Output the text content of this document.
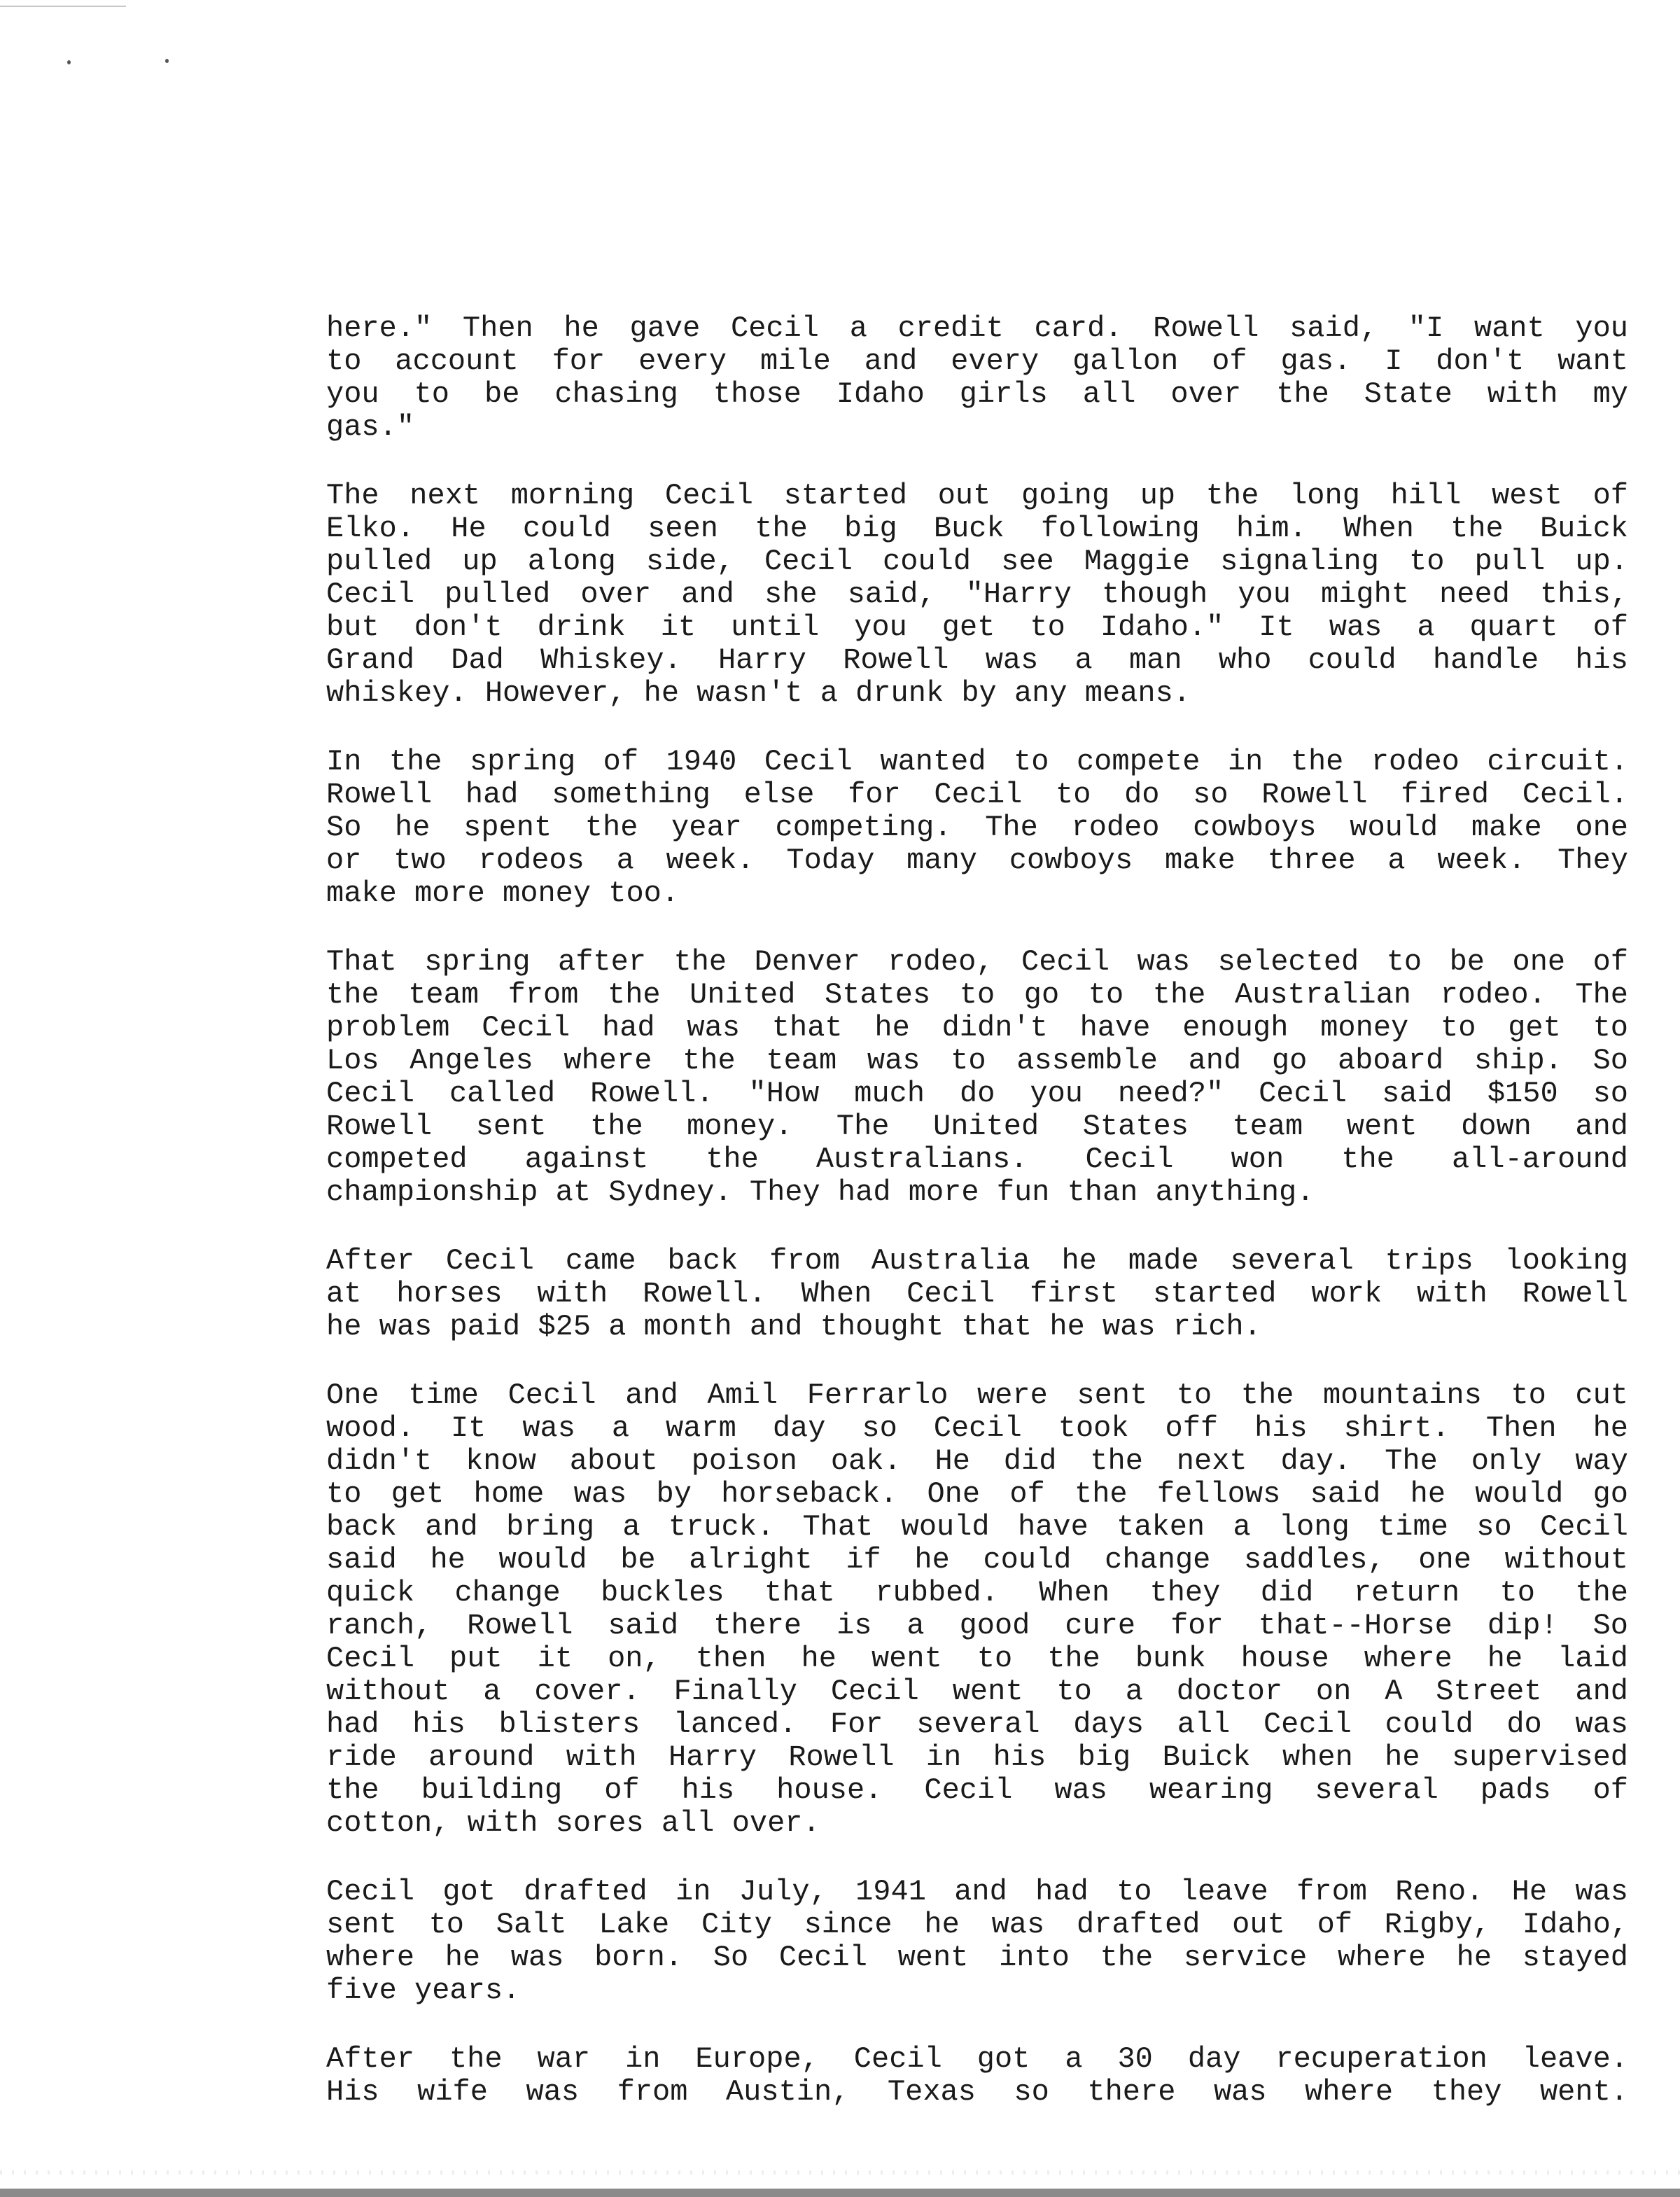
here." Then he gave Cecil a credit card. Rowell said, "I want you
to account for every mile and every gallon of gas. I don't want
you to be chasing those Idaho girls all over the State with my
gas."
The next morning Cecil started out going up the long hill west of
Elko. He could seen the big Buck following him. When the Buick
pulled up along side, Cecil could see Maggie signaling to pull up.
Cecil pulled over and she said, "Harry though you might need this,
but don't drink it until you get to Idaho." It was a quart of
Grand Dad Whiskey. Harry Rowell was a man who could handle his
whiskey. However, he wasn't a drunk by any means.
In the spring of 1940 Cecil wanted to compete in the rodeo circuit.
Rowell had something else for Cecil to do so Rowell fired Cecil.
So he spent the year competing. The rodeo cowboys would make one
or two rodeos a week. Today many cowboys make three a week. They
make more money too.
That spring after the Denver rodeo, Cecil was selected to be one of
the team from the United States to go to the Australian rodeo. The
problem Cecil had was that he didn't have enough money to get to
Los Angeles where the team was to assemble and go aboard ship. So
Cecil called Rowell. "How much do you need?" Cecil said $150 so
Rowell sent the money. The United States team went down and
competed against the Australians. Cecil won the all-around
championship at Sydney. They had more fun than anything.
After Cecil came back from Australia he made several trips looking
at horses with Rowell. When Cecil first started work with Rowell
he was paid $25 a month and thought that he was rich.
One time Cecil and Amil Ferrarlo were sent to the mountains to cut
wood. It was a warm day so Cecil took off his shirt. Then he
didn't know about poison oak. He did the next day. The only way
to get home was by horseback. One of the fellows said he would go
back and bring a truck. That would have taken a long time so Cecil
said he would be alright if he could change saddles, one without
quick change buckles that rubbed. When they did return to the
ranch, Rowell said there is a good cure for that--Horse dip! So
Cecil put it on, then he went to the bunk house where he laid
without a cover. Finally Cecil went to a doctor on A Street and
had his blisters lanced. For several days all Cecil could do was
ride around with Harry Rowell in his big Buick when he supervised
the building of his house. Cecil was wearing several pads of
cotton, with sores all over.
Cecil got drafted in July, 1941 and had to leave from Reno. He was
sent to Salt Lake City since he was drafted out of Rigby, Idaho,
where he was born. So Cecil went into the service where he stayed
five years.
After the war in Europe, Cecil got a 30 day recuperation leave.
His wife was from Austin, Texas so there was where they went.
